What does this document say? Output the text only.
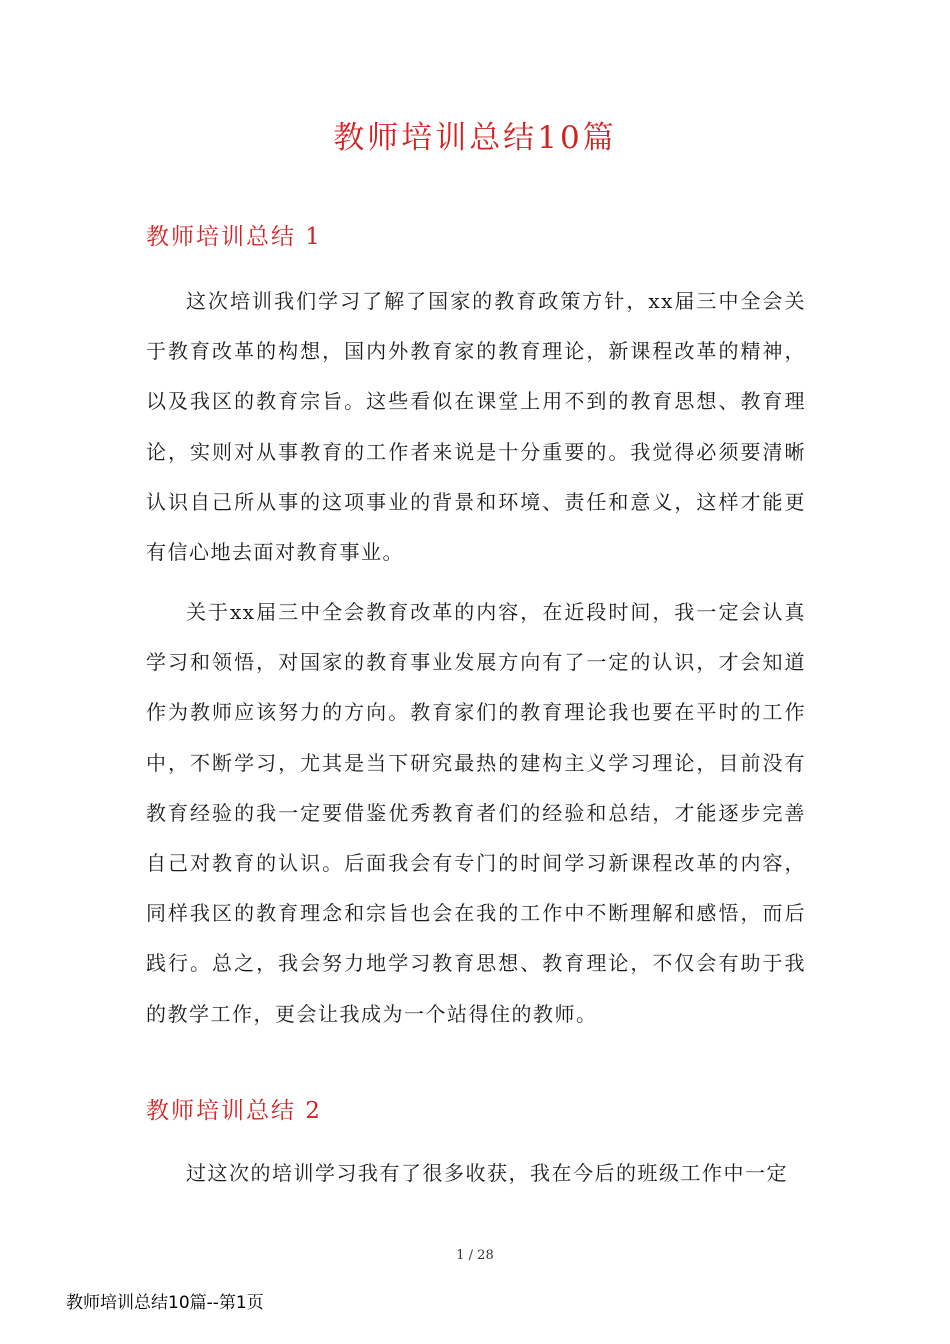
教师培训总结10篇
教师培训总结 1

这次培训我们学习了解了国家的教育政策方针，xx届三中全会关于教育改革的构想，国内外教育家的教育理论，新课程改革的精神，以及我区的教育宗旨。这些看似在课堂上用不到的教育思想、教育理论，实则对从事教育的工作者来说是十分重要的。我觉得必须要清晰认识自己所从事的这项事业的背景和环境、责任和意义，这样才能更有信心地去面对教育事业。

关于xx届三中全会教育改革的内容，在近段时间，我一定会认真学习和领悟，对国家的教育事业发展方向有了一定的认识，才会知道作为教师应该努力的方向。教育家们的教育理论我也要在平时的工作中，不断学习，尤其是当下研究最热的建构主义学习理论，目前没有教育经验的我一定要借鉴优秀教育者们的经验和总结，才能逐步完善自己对教育的认识。后面我会有专门的时间学习新课程改革的内容，同样我区的教育理念和宗旨也会在我的工作中不断理解和感悟，而后践行。总之，我会努力地学习教育思想、教育理论，不仅会有助于我的教学工作，更会让我成为一个站得住的教师。

教师培训总结 2

过这次的培训学习我有了很多收获，我在今后的班级工作中一定

1 / 28

教师培训总结10篇--第1页
